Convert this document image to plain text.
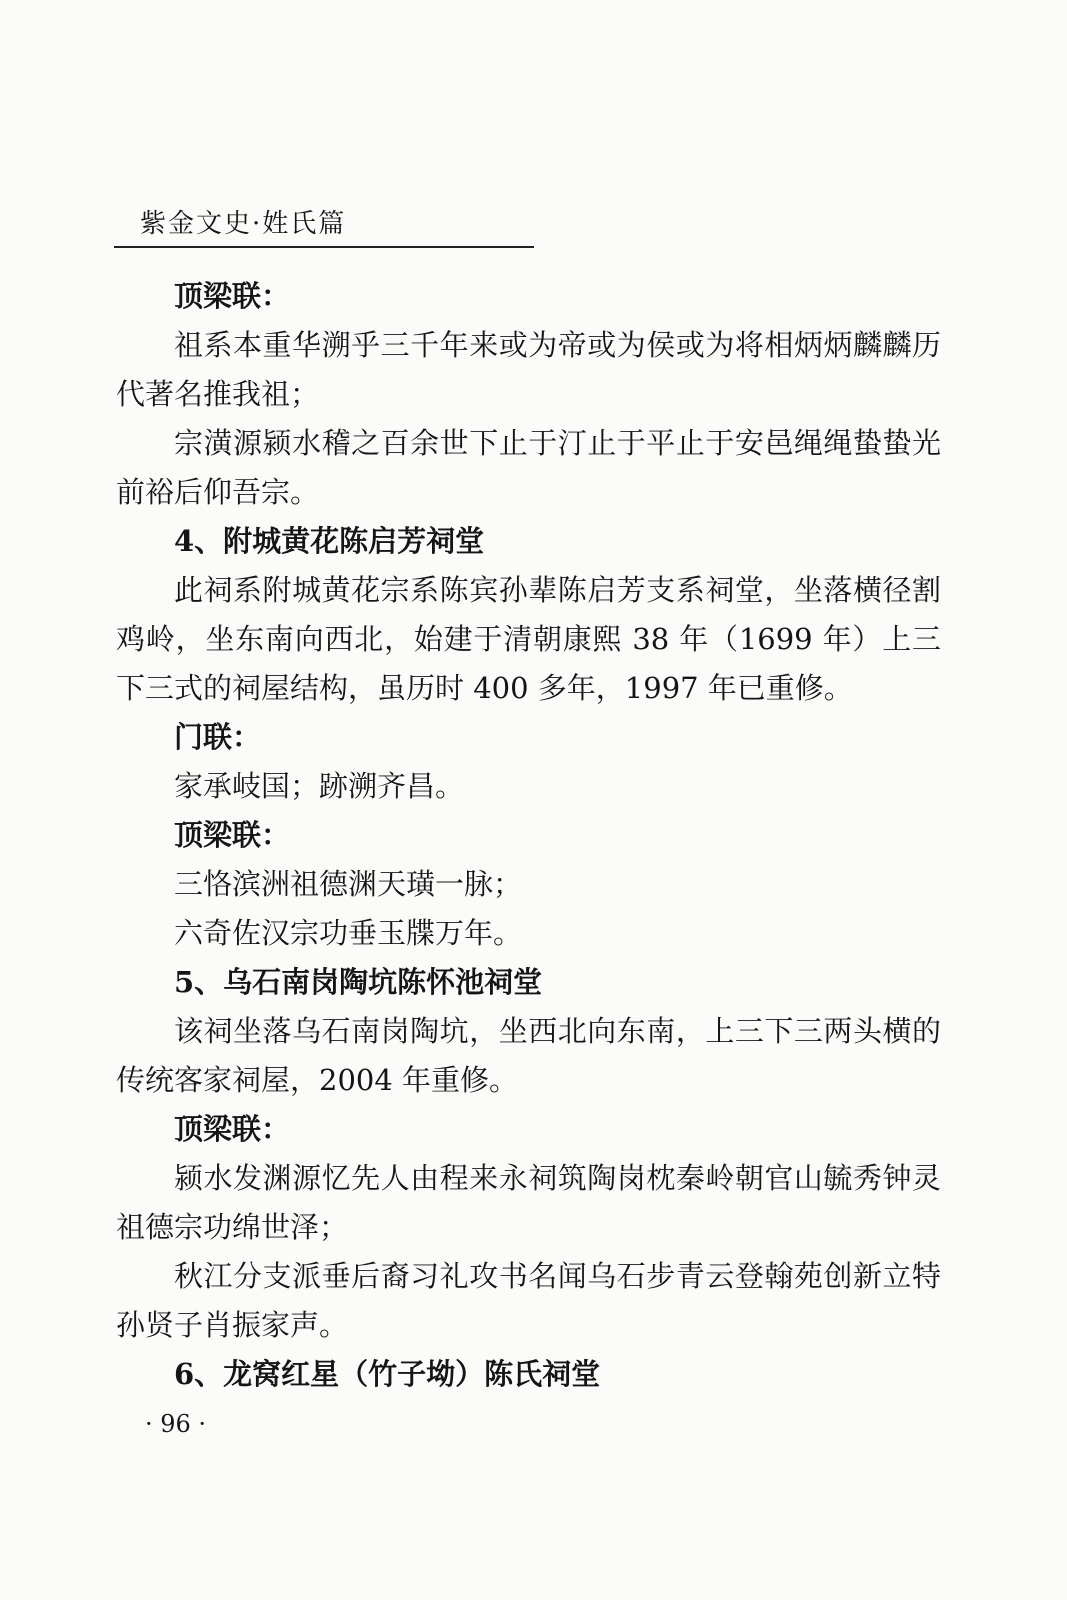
紫金文史·姓氏篇

顶梁联：

祖系本重华溯乎三千年来或为帝或为侯或为将相炳炳麟麟历代著名推我祖；

宗潢源颍水稽之百余世下止于汀止于平止于安邑绳绳蛰蛰光前裕后仰吾宗。

4、附城黄花陈启芳祠堂

此祠系附城黄花宗系陈宾孙辈陈启芳支系祠堂，坐落横径割鸡岭，坐东南向西北，始建于清朝康熙 38 年（1699 年）上三下三式的祠屋结构，虽历时 400 多年，1997 年已重修。

门联：

家承岐国；跡溯齐昌。

顶梁联：

三恪滨洲祖德渊天璜一脉；

六奇佐汉宗功垂玉牒万年。

5、乌石南岗陶坑陈怀池祠堂

该祠坐落乌石南岗陶坑，坐西北向东南，上三下三两头横的传统客家祠屋，2004 年重修。

顶梁联：

颍水发渊源忆先人由程来永祠筑陶岗枕秦岭朝官山毓秀钟灵祖德宗功绵世泽；

秋江分支派垂后裔习礼攻书名闻乌石步青云登翰苑创新立特孙贤子肖振家声。

6、龙窝红星（竹子坳）陈氏祠堂

· 96 ·
